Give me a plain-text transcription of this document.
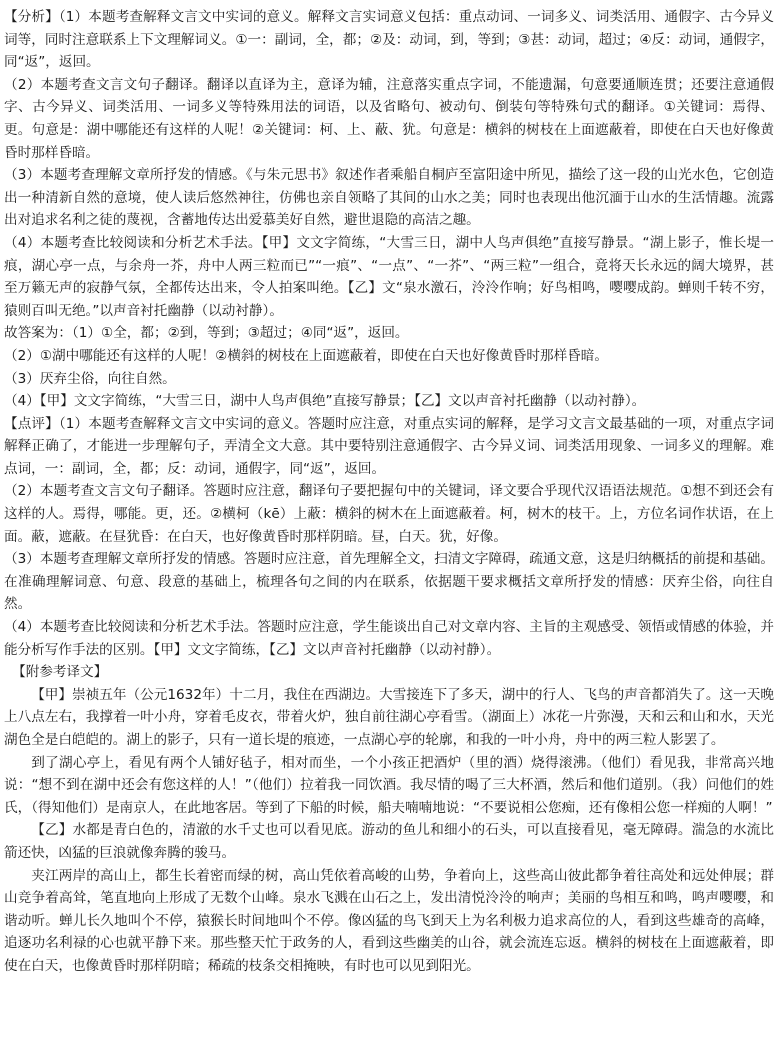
【分析】（1）本题考查解释文言文中实词的意义。解释文言实词意义包括：重点动词、一词多义、词类活用、通假字、古今异义词等，同时注意联系上下文理解词义。①一：副词，全，都；②及：动词，到，等到；③甚：动词，超过；④反：动词，通假字，同“返”，返回。

（2）本题考查文言文句子翻译。翻译以直译为主，意译为辅，注意落实重点字词，不能遗漏，句意要通顺连贯；还要注意通假字、古今异义、词类活用、一词多义等特殊用法的词语，以及省略句、被动句、倒装句等特殊句式的翻译。①关键词：焉得、更。句意是：湖中哪能还有这样的人呢！②关键词：柯、上、蔽、犹。句意是：横斜的树枝在上面遮蔽着，即使在白天也好像黄昏时那样昏暗。

（3）本题考查理解文章所抒发的情感。《与朱元思书》叙述作者乘船自桐庐至富阳途中所见，描绘了这一段的山光水色，它创造出一种清新自然的意境，使人读后悠然神往，仿佛也亲自领略了其间的山水之美；同时也表现出他沉湎于山水的生活情趣。流露出对追求名利之徒的蔑视，含蓄地传达出爱慕美好自然，避世退隐的高洁之趣。

（4）本题考查比较阅读和分析艺术手法。【甲】文文字简练，“大雪三日，湖中人鸟声俱绝”直接写静景。“湖上影子，惟长堤一痕，湖心亭一点，与余舟一芥，舟中人两三粒而已”“一痕”、“一点”、“一芥”、“两三粒”一组合，竟将天长永远的阔大境界，甚至万籁无声的寂静气氛，全都传达出来，令人拍案叫绝。【乙】文“泉水激石，泠泠作响；好鸟相鸣，嘤嘤成韵。蝉则千转不穷，猿则百叫无绝。”以声音衬托幽静（以动衬静）。

故答案为：（1）①全，都；②到，等到；③超过；④同“返”，返回。

（2）①湖中哪能还有这样的人呢！②横斜的树枝在上面遮蔽着，即使在白天也好像黄昏时那样昏暗。

（3）厌弃尘俗，向往自然。

（4）【甲】文文字简练，“大雪三日，湖中人鸟声俱绝”直接写静景；【乙】文以声音衬托幽静（以动衬静）。

【点评】（1）本题考查解释文言文中实词的意义。答题时应注意，对重点实词的解释，是学习文言文最基础的一项，对重点字词解释正确了，才能进一步理解句子，弄清全文大意。其中要特别注意通假字、古今异义词、词类活用现象、一词多义的理解。难点词，一：副词，全，都；反：动词，通假字，同“返”，返回。

（2）本题考查文言文句子翻译。答题时应注意，翻译句子要把握句中的关键词，译文要合乎现代汉语语法规范。①想不到还会有这样的人。焉得，哪能。更，还。②横柯（kē）上蔽：横斜的树木在上面遮蔽着。柯，树木的枝干。上，方位名词作状语，在上面。蔽，遮蔽。在昼犹昏：在白天，也好像黄昏时那样阴暗。昼，白天。犹，好像。

（3）本题考查理解文章所抒发的情感。答题时应注意，首先理解全文，扫清文字障碍，疏通文意，这是归纳概括的前提和基础。在准确理解词意、句意、段意的基础上，梳理各句之间的内在联系，依据题干要求概括文章所抒发的情感：厌弃尘俗，向往自然。

（4）本题考查比较阅读和分析艺术手法。答题时应注意，学生能谈出自己对文章内容、主旨的主观感受、领悟或情感的体验，并能分析写作手法的区别。【甲】文文字简练，【乙】文以声音衬托幽静（以动衬静）。

【附参考译文】

【甲】崇祯五年（公元1632年）十二月，我住在西湖边。大雪接连下了多天，湖中的行人、飞鸟的声音都消失了。这一天晚上八点左右，我撑着一叶小舟，穿着毛皮衣，带着火炉，独自前往湖心亭看雪。（湖面上）冰花一片弥漫，天和云和山和水，天光湖色全是白皑皑的。湖上的影子，只有一道长堤的痕迹，一点湖心亭的轮廓，和我的一叶小舟，舟中的两三粒人影罢了。

到了湖心亭上，看见有两个人铺好毡子，相对而坐，一个小孩正把酒炉（里的酒）烧得滚沸。（他们）看见我，非常高兴地说：“想不到在湖中还会有您这样的人！”（他们）拉着我一同饮酒。我尽情的喝了三大杯酒，然后和他们道别。（我）问他们的姓氏，（得知他们）是南京人，在此地客居。等到了下船的时候，船夫喃喃地说：“不要说相公您痴，还有像相公您一样痴的人啊！”

【乙】水都是青白色的，清澈的水千丈也可以看见底。游动的鱼儿和细小的石头，可以直接看见，毫无障碍。湍急的水流比箭还快，凶猛的巨浪就像奔腾的骏马。

夹江两岸的高山上，都生长着密而绿的树，高山凭依着高峻的山势，争着向上，这些高山彼此都争着往高处和远处伸展；群山竞争着高耸，笔直地向上形成了无数个山峰。泉水飞溅在山石之上，发出清悦泠泠的响声；美丽的鸟相互和鸣，鸣声嘤嘤，和谐动听。蝉儿长久地叫个不停，猿猴长时间地叫个不停。像凶猛的鸟飞到天上为名利极力追求高位的人，看到这些雄奇的高峰，追逐功名利禄的心也就平静下来。那些整天忙于政务的人，看到这些幽美的山谷，就会流连忘返。横斜的树枝在上面遮蔽着，即使在白天，也像黄昏时那样阴暗；稀疏的枝条交相掩映，有时也可以见到阳光。
